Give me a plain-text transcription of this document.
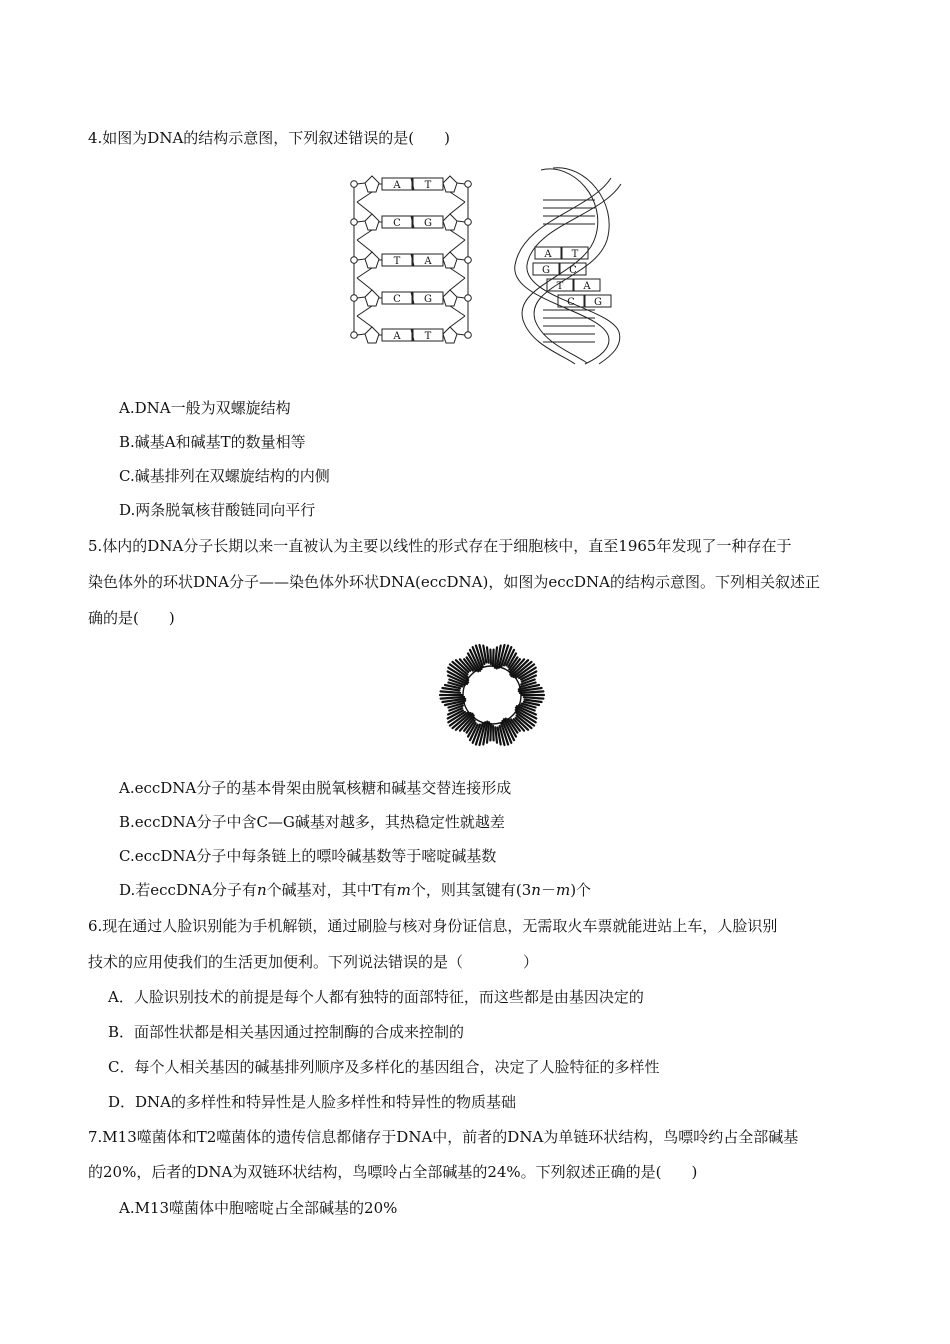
4.如图为DNA的结构示意图，下列叙述错误的是(　　)
A T
C G
T A
C G
A T
A T
G C
T A
C G
A.DNA一般为双螺旋结构
B.碱基A和碱基T的数量相等
C.碱基排列在双螺旋结构的内侧
D.两条脱氧核苷酸链同向平行
5.体内的DNA分子长期以来一直被认为主要以线性的形式存在于细胞核中，直至1965年发现了一种存在于
染色体外的环状DNA分子——染色体外环状DNA(eccDNA)，如图为eccDNA的结构示意图。下列相关叙述正
确的是(　　)
A.eccDNA分子的基本骨架由脱氧核糖和碱基交替连接形成
B.eccDNA分子中含C—G碱基对越多，其热稳定性就越差
C.eccDNA分子中每条链上的嘌呤碱基数等于嘧啶碱基数
D.若eccDNA分子有n个碱基对，其中T有m个，则其氢键有(3n－m)个
6.现在通过人脸识别能为手机解锁，通过刷脸与核对身份证信息，无需取火车票就能进站上车，人脸识别
技术的应用使我们的生活更加便利。下列说法错误的是（　　　　）
A．人脸识别技术的前提是每个人都有独特的面部特征，而这些都是由基因决定的
B．面部性状都是相关基因通过控制酶的合成来控制的
C．每个人相关基因的碱基排列顺序及多样化的基因组合，决定了人脸特征的多样性
D．DNA的多样性和特异性是人脸多样性和特异性的物质基础
7.M13噬菌体和T2噬菌体的遗传信息都储存于DNA中，前者的DNA为单链环状结构，鸟嘌呤约占全部碱基
的20%，后者的DNA为双链环状结构，鸟嘌呤占全部碱基的24%。下列叙述正确的是(　　)
A.M13噬菌体中胞嘧啶占全部碱基的20%
